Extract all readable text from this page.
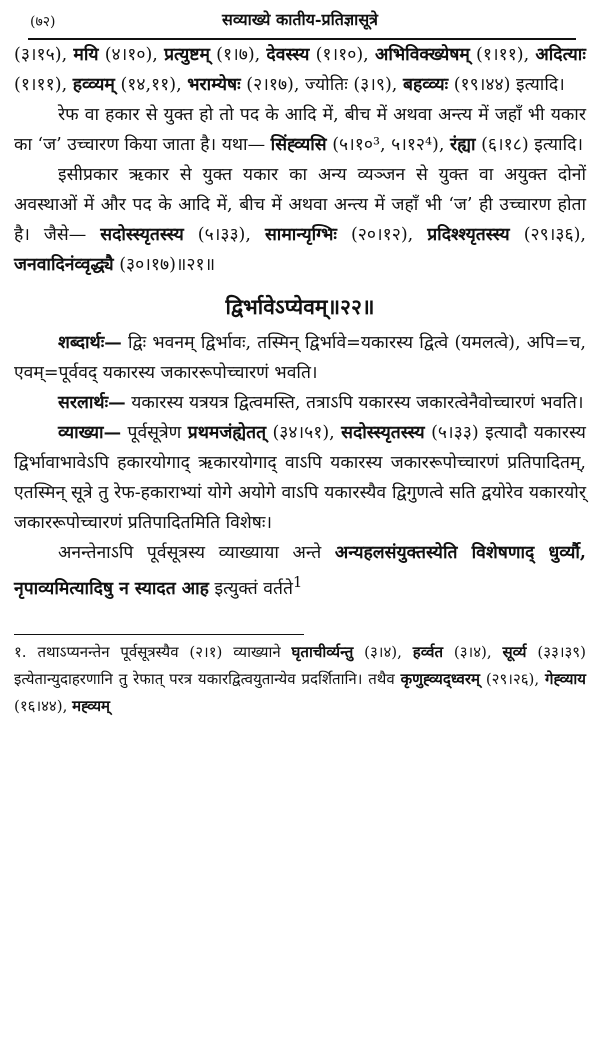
(७२)	सव्याख्ये कातीय-प्रतिज्ञासूत्रे

(३।१५), मयि (४।१०), प्रत्युष्टम् (१।७), देवस्स्य (१।१०), अभिविक्ख्येषम् (१।११), अदित्याः (१।११), हव्व्यम् (१४,११), भराम्येषः (२।१७), ज्योतिः (३।९), बहव्व्यः (१९।४४) इत्यादि।

रेफ वा हकार से युक्त हो तो पद के आदि में, बीच में अथवा अन्त्य में जहाँ भी यकार का ‘ज’ उच्चारण किया जाता है। यथा— सिंह्व्यसि (५।१०³, ५।१२⁴), रंह्या (६।१८) इत्यादि।

इसीप्रकार ऋकार से युक्त यकार का अन्य व्यञ्जन से युक्त वा अयुक्त दोनों अवस्थाओं में और पद के आदि में, बीच में अथवा अन्त्य में जहाँ भी ‘ज’ ही उच्चारण होता है। जैसे— सदोस्स्यृतस्स्य (५।३३), सामान्यृग्भिः (२०।१२), प्रदिश्श्यृतस्स्य (२९।३६), जनवादिनंव्वृद्ध्यै (३०।१७)॥२१॥

द्विर्भावेऽप्येवम्॥२२॥

शब्दार्थः— द्विः भवनम् द्विर्भावः, तस्मिन् द्विर्भावे=यकारस्य द्वित्वे (यमलत्वे), अपि=च, एवम्=पूर्ववद् यकारस्य जकाररूपोच्चारणं भवति।

सरलार्थः— यकारस्य यत्रयत्र द्वित्वमस्ति, तत्राऽपि यकारस्य जकारत्वेनैवोच्चारणं भवति।

व्याख्या— पूर्वसूत्रेण प्रथमजंह्येतत् (३४।५१), सदोस्स्यृतस्स्य (५।३३) इत्यादौ यकारस्य द्विर्भावाभावेऽपि हकारयोगाद् ऋकारयोगाद् वाऽपि यकारस्य जकाररूपोच्चारणं प्रतिपादितम्, एतस्मिन् सूत्रे तु रेफ-हकाराभ्यां योगे अयोगे वाऽपि यकारस्यैव द्विगुणत्वे सति द्वयोरेव यकारयोर् जकाररूपोच्चारणं प्रतिपादितमिति विशेषः।

अनन्तेनाऽपि पूर्वसूत्रस्य व्याख्याया अन्ते अन्यहलसंयुक्तस्येति विशेषणाद् धुर्व्यौ, नृपाव्यमित्यादिषु न स्यादत आह इत्युक्तं वर्तते$^1$

१. तथाऽप्यनन्तेन पूर्वसूत्रस्यैव (२।१) व्याख्याने घृताचीर्व्यन्तु (३।४), हर्व्वत (३।४), सूर्व्य (३३।३९) इत्येतान्युदाहरणानि तु रेफात् परत्र यकारद्वित्वयुतान्येव प्रदर्शितानि। तथैव कृणुह्व्यद्ध्वरम् (२९।२६), गेह्व्याय (१६।४४), मह्व्यम्
